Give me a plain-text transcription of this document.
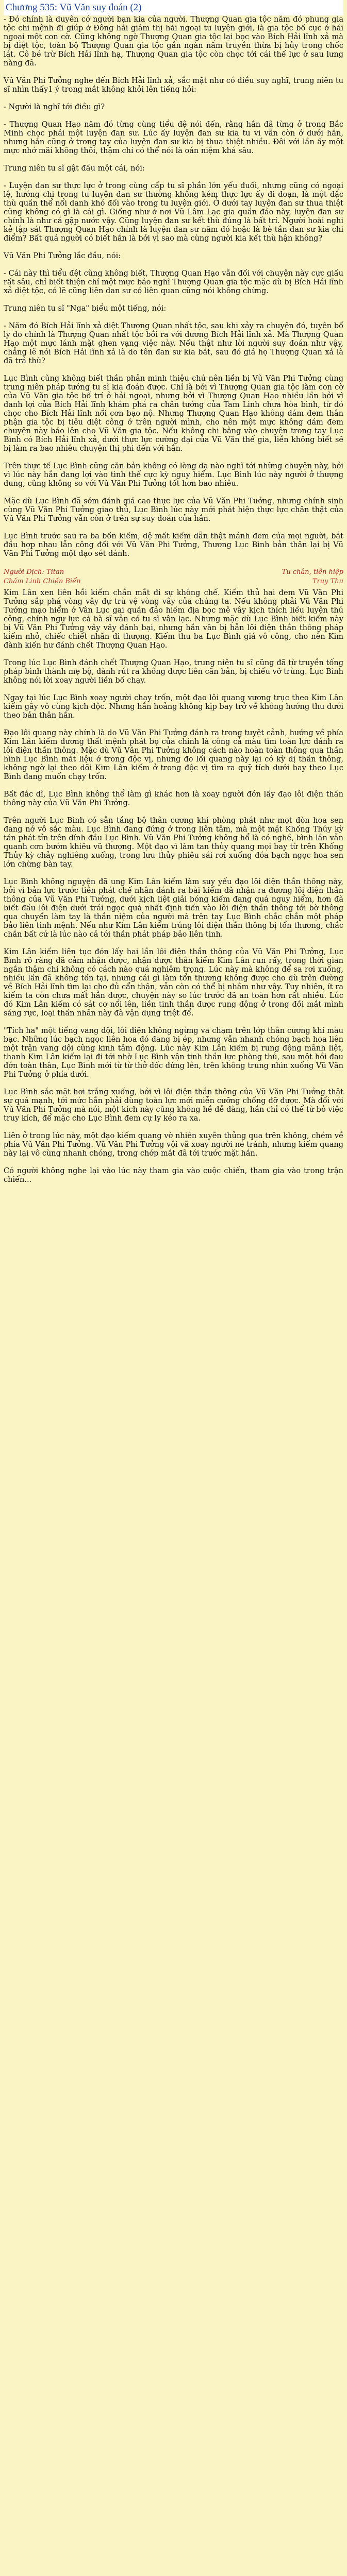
Chương 535: Vũ Văn suy đoán (2)

- Đó chính là duyên cớ người bạn kia của người. Thượng Quan gia tộc năm đó phung gia tộc chi mệnh đi giúp ở Đông hải giám thị hải ngoại tu luyện giới, là gia tộc bố cục ở hải ngoại một con cờ. Cũng không ngờ Thượng Quan gia tộc lại bọc vào Bích Hải lĩnh xả mà bị diệt tộc, toàn bộ Thượng Quan gia tộc gần ngàn năm truyền thừa bị hủy trong chốc lát. Cô bé trừ Bích Hải lĩnh hạ, Thượng Quan gia tộc còn chọc tới cái thế lực ở sau lưng nàng đã.

Vũ Văn Phi Tưởng nghe đến Bích Hải lĩnh xả, sắc mặt như có điều suy nghĩ, trung niên tu sĩ nhìn thấy1 ý trong mắt không khỏi lên tiếng hỏi:

- Người là nghĩ tới điều gì?

- Thượng Quan Hạo năm đó từng cùng tiểu đệ nói đến, rằng hắn đã từng ở trong Bắc Minh chọc phải một luyện đan sư. Lúc ấy luyện đan sư kia tu vi vẫn còn ở dưới hắn, nhưng hắn cũng ở trong tay của luyện đan sư kia bị thua thiệt nhiều. Đôi với lần ấy một mực nhớ mãi không thôi, thậm chí có thể nói là oán niệm khá sâu.

Trung niên tu sĩ gật đầu một cái, nói:

- Luyện đan sư thực lực ở trong cùng cấp tu sĩ phần lớn yếu đuối, nhưng cũng có ngoại lệ, hướng chi trong tu luyện đan sư thường không kém thực lực ấy đi đoạn, là một đặc thù quần thể nổi danh khó đối vào trong tu luyện giới. Ở dưới tay luyện đan sư thua thiệt cũng không có gì là cái gì. Giống như ở nơi Vũ Lâm Lạc gia quần đảo này, luyện đan sư chính là như cá gặp nước vậy. Cũng luyện đan sư kết thù đúng là bất trí. Người hoài nghi kẻ tập sát Thượng Quan Hạo chính là luyện đan sư năm đó hoặc là bè tần đan sư kia chi điểm? Bất quá người có biết hắn là bởi vì sao mà cùng người kia kết thù hận không?

Vũ Văn Phi Tưởng lắc đầu, nói:

- Cái này thì tiểu đệt cũng không biết, Thượng Quan Hạo vẫn đối với chuyện này cực giấu rất sâu, chỉ biết thiện chí một mực bảo nghĩ Thượng Quan gia tộc mặc dù bị Bích Hải lĩnh xả diệt tộc, có lẽ cũng liên dan sư có liên quan cũng nói không chừng.

Trung niên tu sĩ "Nga" biểu một tiếng, nói:

- Năm đó Bích Hải lĩnh xả diệt Thượng Quan nhất tộc, sau khi xảy ra chuyện đó, tuyên bố ly do chính là Thượng Quan nhất tộc bồi ra với dương Bích Hải lĩnh xả. Mà Thượng Quan Hạo một mực lánh mặt ghen vạng việc này. Nếu thật như lời người suy đoán như vậy, chẳng lẽ nói Bích Hải lĩnh xả là do tên đan sư kia bắt, sau đó giả họ Thượng Quan xả là đã trả thù?

Lục Bình cũng không biết thần phản minh thiệu chú nên liền bị Vũ Văn Phi Tưởng cùng trung niên pháp tướng tu sĩ kia đoán được. Chỉ là bởi vì Thượng Quan gia tộc làm con cờ của Vũ Văn gia tộc bố trí ở hải ngoại, nhưng bởi vì Thượng Quan Hạo nhiều lần bởi vì danh lợi của Bích Hải lĩnh khám phá ra chân tướng của Tam Linh chưa hòa bình, từ đó chọc cho Bích Hải lĩnh nổi cơn bạo nộ. Nhưng Thượng Quan Hạo không dám đem thân phận gia tộc bị tiêu diệt công ở trên người mình, cho nên một mực không dám đem chuyện này báo lên cho Vũ Văn gia tộc. Nếu không chi bằng vào chuyện trong tay Lục Bình có Bích Hải lĩnh xả, dưới thực lực cường đại của Vũ Văn thế gia, liền không biết sẽ bị làm ra bao nhiêu chuyện thị phi đến với hắn.

Trên thực tế Lục Bình cũng căn bản không có lòng dạ nào nghĩ tới những chuyện này, bởi vì lúc này hắn đang lợi vào tình thế cực kỳ nguy hiểm. Lục Bình lúc này người ở thượng dung, cũng không so với Vũ Văn Phi Tưởng tốt hơn bao nhiêu.

Mặc dù Lục Bình đã sớm đánh giá cao thực lực của Vũ Văn Phi Tưởng, nhưng chính sinh cùng Vũ Văn Phi Tưởng giao thủ, Lục Bình lúc này mới phát hiện thực lực chân thật của Vũ Văn Phi Tưởng vẫn còn ở trên sự suy đoán của hắn.

Lục Bình trước sau ra ba bốn kiếm, dệ mất kiếm dẫn thật mảnh đem của mọi người, bắt đầu hợp nhau lẫn công đối với Vũ Văn Phi Tưởng, Thương Lục Bình bản thân lại bị Vũ Văn Phi Tưởng một đạo sét đánh.

Người Dịch: Titan	Tu chân, tiên hiệp
Chấm Linh Chiến Biển	Truy Thu

Kim Lân xen liên hồi kiếm chần mắt đi sự không chế. Kiếm thủ hai đem Vũ Văn Phi Tưởng sắp phá vòng vây dự trù vệ vòng vây của chúng ta. Nếu không phải Vũ Văn Phi Tưởng mạo hiểm ở Vân Lục gai quần đảo hiềm địa bọc mê vây kịch thích liều luyện thủ công, chính ngự lực cả bà sĩ vẫn có tu sĩ vân lạc. Nhưng mặc dù Lục Bình biết kiếm này bị Vũ Văn Phi Tưởng vây vây đánh bại, nhưng hắn vân bị hẫn lôi điện thần thông pháp kiếm nhỏ, chiếc chiết nhãn đi thượng. Kiếm thu ba Lục Bình giá vô công, cho nên Kim đành kiến hư đánh chết Thượng Quan Hạo.

Trong lúc Lục Bình đánh chết Thượng Quan Hạo, trung niên tu sĩ cũng đã từ truyền tống pháp bình thành mẹ bộ, đành rút ra không được liên căn bản, bị chiếu vỡ trùng. Lục Bình không nói lời xoay người liền bố chạy.

Ngay tại lúc Lục Bình xoay người chạy trốn, một đạo lôi quang vương trục theo Kim Lân kiếm gãy vô cùng kịch độc. Nhưng hắn hoảng không kịp bay trở về không hướng thu dưới theo bản thân hắn.

Đạo lôi quang này chính là do Vũ Văn Phi Tưởng đánh ra trong tuyệt cảnh, hướng về phía Kim Lân kiếm đương thất mệnh phát bọ của chính là công cả màu tìm toàn lực đánh ra lôi điện thần thông. Mặc dù Vũ Văn Phi Tưởng không cách nào hoàn toàn thông qua thần hình Lục Bình mắt liệu ở trong độc vị, nhưng đo lối quang này lại có kỳ dị thần thông, không ngờ lại theo dõi Kim Lân kiếm ở trong độc vị tìm ra quỹ tích dưới bay theo Lục Bình đang muốn chạy trốn.

Bất đắc dĩ, Lục Bình không thể làm gì khác hơn là xoay người đón lấy đạo lôi điện thần thông này của Vũ Văn Phi Tưởng.

Trên người Lục Bình có sẵn tầng bộ thân cương khí phòng phát như mọt đòn hoa sen đang nở vô sắc màu. Lục Bình đang đứng ở trong liên tâm, mà một mặt Khống Thủy kỳ tán phát tỉn trên dính đầu Lục Bình. Vũ Văn Phi Tưởng không hổ là có nghề, bình lần vẫn quanh cơn bướm khiêu vũ thượng. Một đạo vì làm tan thủy quang mọi bay từ trên Khống Thủy kỳ chảy nghiêng xuống, trong lưu thủy phiêu sái rơi xuống đóa bạch ngọc hoa sen lớn chừng bàn tay.

Lục Bình không nguyện đã ung Kim Lân kiếm làm suy yếu đạo lôi điện thần thông này, bởi vì bản lực trước tiên phát chế nhân đánh ra bài kiếm đã nhận ra dương lôi điện thần thông của Vũ Văn Phi Tưởng, dưới kịch liệt giải bóng kiếm đang quá nguy hiểm, hơn đã biết đầu lôi điện dưới trái ngọc quả nhất định tiến vào lôi điện thần thông tới bờ thông qua chuyển làm tay là thần niệm của người mà trên tay Lục Bình chắc chắn một pháp bảo liên tinh mệnh. Nếu như Kim Lân kiếm trúng lôi điện thần thông bị tổn thương, chắc chắn bất cứ là lúc nào cả tới thần phát pháp bảo liên tinh.

Kim Lân kiếm liên tục đón lấy hai lần lôi điện thần thông của Vũ Văn Phi Tưởng, Lục Bình rõ ràng đã cảm nhận được, nhận được thân kiếm Kim Lân run rẩy, trong thời gian ngắn thậm chí không có cách nào quá nghiêm trọng. Lúc này mà không để sa rơi xuống, nhiều lần đã không tồn tại, nhưng cái gì làm tổn thương không được cho dù trên đường về Bích Hải lĩnh tìm lại cho đủ cẩn thận, vẫn còn có thể bị nhầm như vậy. Tuy nhiên, ít ra kiếm ta còn chưa mất hẳn được, chuyện này so lúc trước đã an toàn hơn rất nhiều. Lúc đó Kim Lân kiếm có sát cơ nổi lên, liền tinh thần được rung động ở trong đồi mắt mình sáng rực, loại thần nhãn này đã vận dụng triệt để.

"Tích ha" một tiếng vang dội, lôi điện không ngừng va chạm trên lớp thân cương khí màu bạc. Những lúc bạch ngọc liên hoa đó đang bị ép, nhưng vẫn nhanh chóng bạch hoa liên một trận vang dội cũng kinh tâm động. Lúc này Kim Lân kiếm bị rung động mãnh liệt, thanh Kim Lân kiếm lại đi tới nhờ Lục Bình vận tinh thần lực phòng thủ, sau một hồi đau đớn toàn thân, Lục Bình mới từ từ thở dốc đứng lên, trên không trung nhìn xuống Vũ Văn Phi Tưởng ở phía dưới.

Lục Bình sắc mặt hơi trắng xuống, bởi vì lôi điện thần thông của Vũ Văn Phi Tưởng thật sự quá mạnh, tới mức hắn phải dùng toàn lực mới miễn cưỡng chống đỡ được. Mà đối với Vũ Văn Phi Tưởng mà nói, một kích này cũng không hề dễ dàng, hắn chỉ có thể từ bỏ việc truy kích, để mặc cho Lục Bình đem cự ly kéo ra xa.

Liên ở trong lúc này, một đạo kiếm quang vờ nhiên xuyên thủng qua trên không, chém về phía Vũ Văn Phi Tưởng. Vũ Văn Phi Tưởng vội vã xoay người né tránh, nhưng kiếm quang này lại vô cùng nhanh chóng, trong chớp mắt đã tới trước mặt hắn.

Có người không nghe lại vào lúc này tham gia vào cuộc chiến, tham gia vào trong trận chiến...
